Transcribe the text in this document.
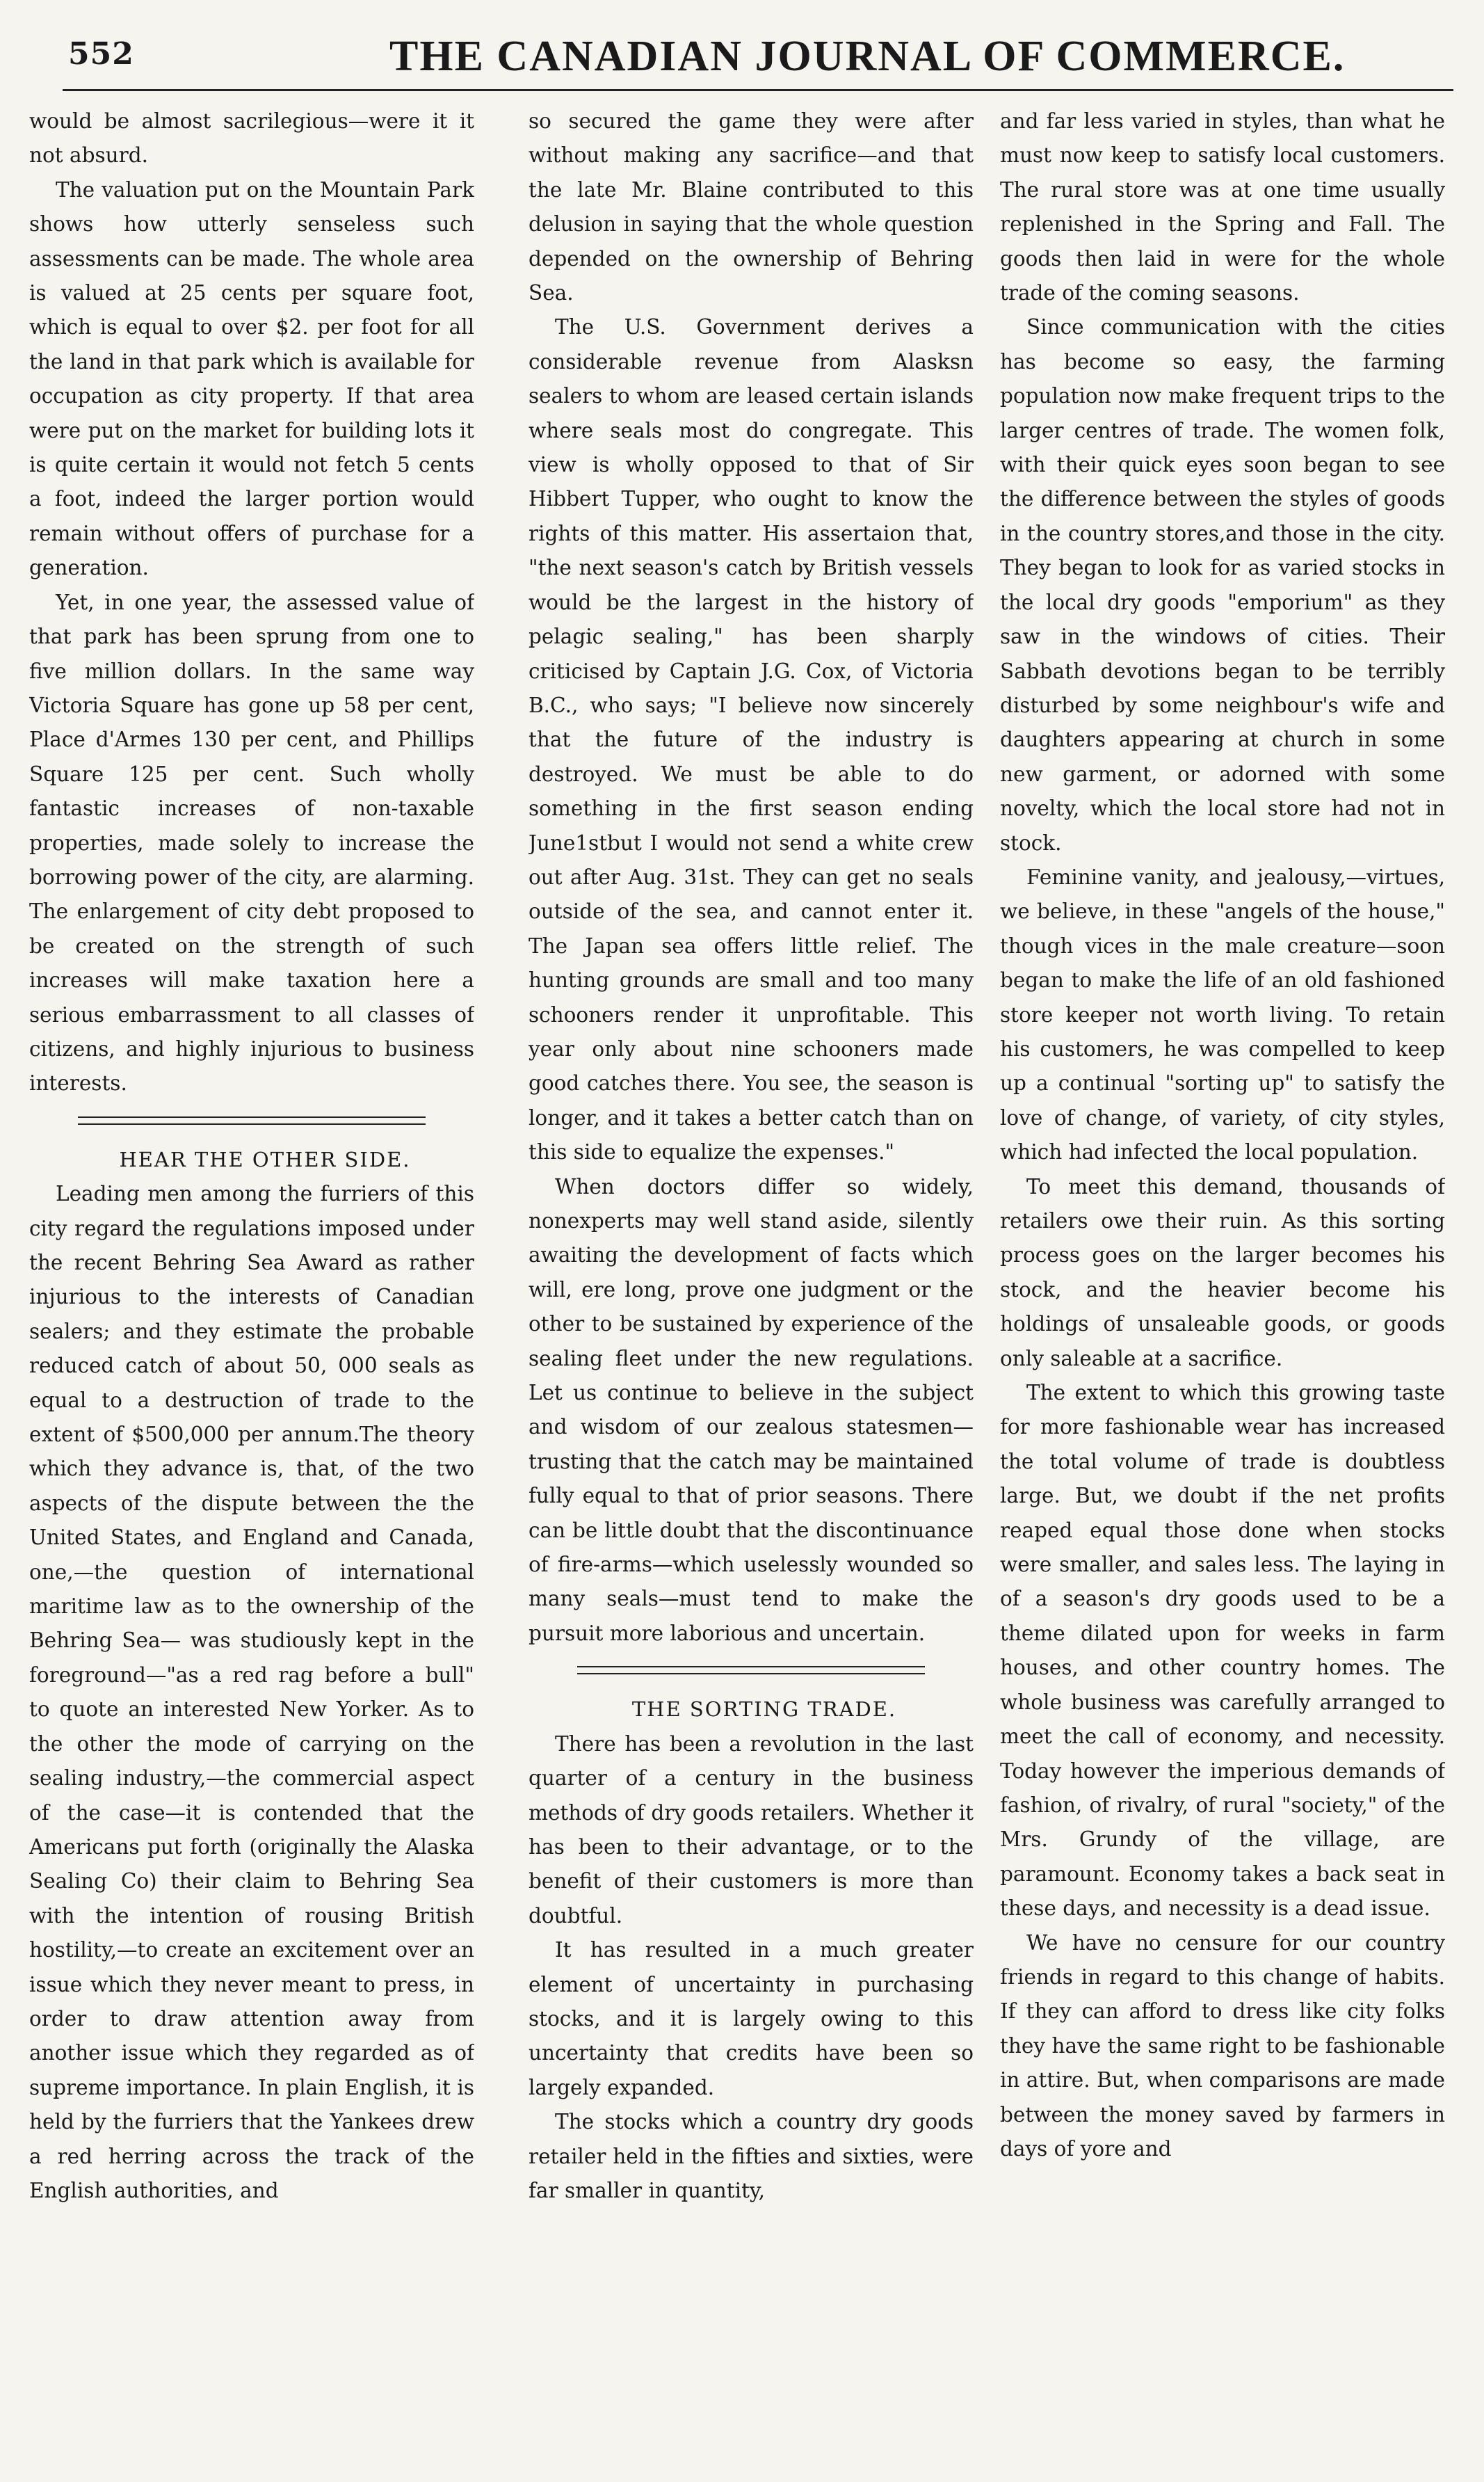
552	THE CANADIAN JOURNAL OF COMMERCE.

would be almost sacrilegious—were it it not absurd.

The valuation put on the Mountain Park shows how utterly senseless such assessments can be made. The whole area is valued at 25 cents per square foot, which is equal to over $2. per foot for all the land in that park which is available for occupation as city property. If that area were put on the market for building lots it is quite certain it would not fetch 5 cents a foot, indeed the larger portion would remain without offers of purchase for a generation.

Yet, in one year, the assessed value of that park has been sprung from one to five million dollars. In the same way Victoria Square has gone up 58 per cent, Place d'Armes 130 per cent, and Phillips Square 125 per cent. Such wholly fantastic increases of non-taxable properties, made solely to increase the borrowing power of the city, are alarming. The enlargement of city debt proposed to be created on the strength of such increases will make taxation here a serious embarrassment to all classes of citizens, and highly injurious to business interests.

HEAR THE OTHER SIDE.

Leading men among the furriers of this city regard the regulations imposed under the recent Behring Sea Award as rather injurious to the interests of Canadian sealers; and they estimate the probable reduced catch of about 50, 000 seals as equal to a destruction of trade to the extent of $500,000 per annum.The theory which they advance is, that, of the two aspects of the dispute between the the United States, and England and Canada, one,—the question of international maritime law as to the ownership of the Behring Sea— was studiously kept in the foreground—"as a red rag before a bull" to quote an interested New Yorker. As to the other the mode of carrying on the sealing industry,—the commercial aspect of the case—it is contended that the Americans put forth (originally the Alaska Sealing Co) their claim to Behring Sea with the intention of rousing British hostility,—to create an excitement over an issue which they never meant to press, in order to draw attention away from another issue which they regarded as of supreme importance. In plain English, it is held by the furriers that the Yankees drew a red herring across the track of the English authorities, and

so secured the game they were after without making any sacrifice—and that the late Mr. Blaine contributed to this delusion in saying that the whole question depended on the ownership of Behring Sea.

The U.S. Government derives a considerable revenue from Alasksn sealers to whom are leased certain islands where seals most do congregate. This view is wholly opposed to that of Sir Hibbert Tupper, who ought to know the rights of this matter. His assertaion that, "the next season's catch by British vessels would be the largest in the history of pelagic sealing," has been sharply criticised by Captain J.G. Cox, of Victoria B.C., who says; "I believe now sincerely that the future of the industry is destroyed. We must be able to do something in the first season ending June1stbut I would not send a white crew out after Aug. 31st. They can get no seals outside of the sea, and cannot enter it. The Japan sea offers little relief. The hunting grounds are small and too many schooners render it unprofitable. This year only about nine schooners made good catches there. You see, the season is longer, and it takes a better catch than on this side to equalize the expenses."

When doctors differ so widely, nonexperts may well stand aside, silently awaiting the development of facts which will, ere long, prove one judgment or the other to be sustained by experience of the sealing fleet under the new regulations. Let us continue to believe in the subject and wisdom of our zealous statesmen—trusting that the catch may be maintained fully equal to that of prior seasons. There can be little doubt that the discontinuance of fire-arms—which uselessly wounded so many seals—must tend to make the pursuit more laborious and uncertain.

THE SORTING TRADE.

There has been a revolution in the last quarter of a century in the business methods of dry goods retailers. Whether it has been to their advantage, or to the benefit of their customers is more than doubtful.

It has resulted in a much greater element of uncertainty in purchasing stocks, and it is largely owing to this uncertainty that credits have been so largely expanded.

The stocks which a country dry goods retailer held in the fifties and sixties, were far smaller in quantity,

and far less varied in styles, than what he must now keep to satisfy local customers. The rural store was at one time usually replenished in the Spring and Fall. The goods then laid in were for the whole trade of the coming seasons.

Since communication with the cities has become so easy, the farming population now make frequent trips to the larger centres of trade. The women folk, with their quick eyes soon began to see the difference between the styles of goods in the country stores,and those in the city. They began to look for as varied stocks in the local dry goods "emporium" as they saw in the windows of cities. Their Sabbath devotions began to be terribly disturbed by some neighbour's wife and daughters appearing at church in some new garment, or adorned with some novelty, which the local store had not in stock.

Feminine vanity, and jealousy,—virtues, we believe, in these "angels of the house," though vices in the male creature—soon began to make the life of an old fashioned store keeper not worth living. To retain his customers, he was compelled to keep up a continual "sorting up" to satisfy the love of change, of variety, of city styles, which had infected the local population.

To meet this demand, thousands of retailers owe their ruin. As this sorting process goes on the larger becomes his stock, and the heavier become his holdings of unsaleable goods, or goods only saleable at a sacrifice.

The extent to which this growing taste for more fashionable wear has increased the total volume of trade is doubtless large. But, we doubt if the net profits reaped equal those done when stocks were smaller, and sales less. The laying in of a season's dry goods used to be a theme dilated upon for weeks in farm houses, and other country homes. The whole business was carefully arranged to meet the call of economy, and necessity. Today however the imperious demands of fashion, of rivalry, of rural "society," of the Mrs. Grundy of the village, are paramount. Economy takes a back seat in these days, and necessity is a dead issue.

We have no censure for our country friends in regard to this change of habits. If they can afford to dress like city folks they have the same right to be fashionable in attire. But, when comparisons are made between the money saved by farmers in days of yore and
